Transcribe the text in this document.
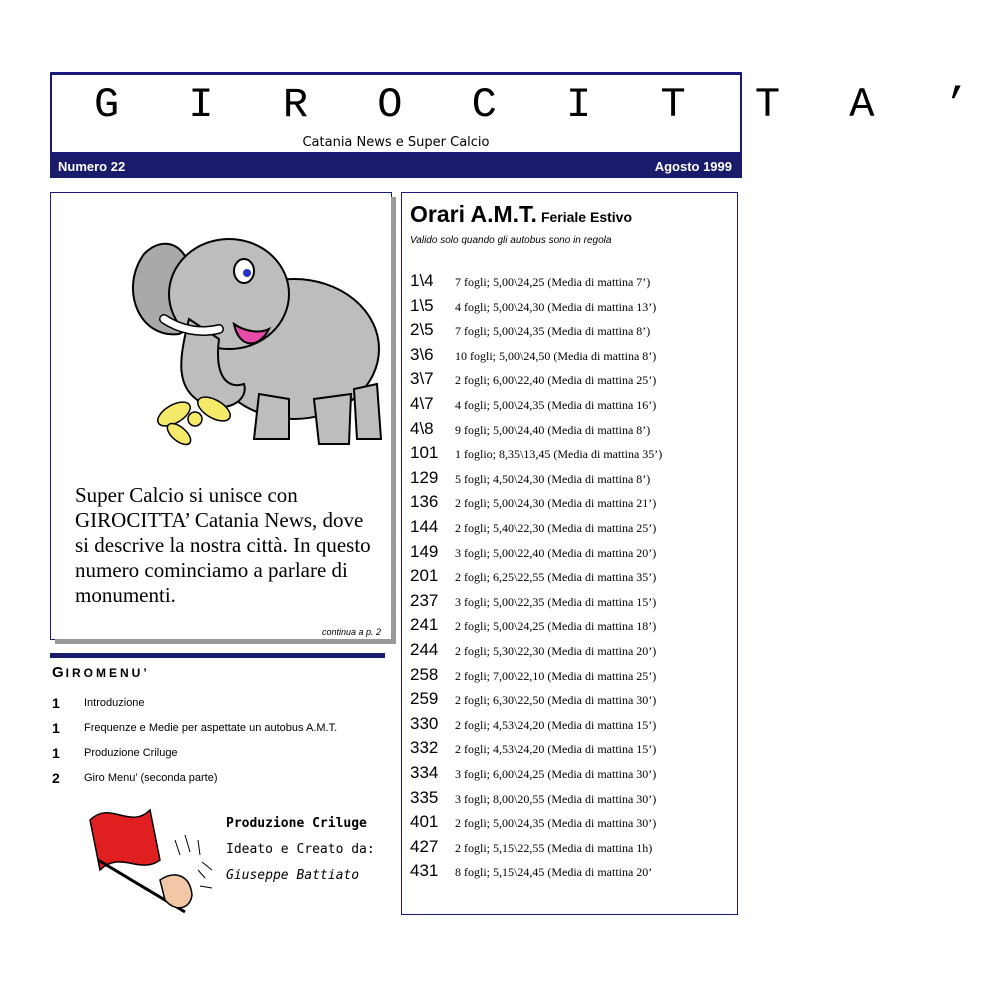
G I R O C I T T A ’
Catania News e Super Calcio
Numero 22	Agosto 1999
Super Calcio si unisce con GIROCITTA’ Catania News, dove si descrive la nostra città. In questo numero cominciamo a parlare di monumenti.
continua a p. 2
GIROMENU’
1 Introduzione
1 Frequenze e Medie per aspettate un autobus A.M.T.
1 Produzione Criluge
2 Giro Menu’ (seconda parte)
Produzione Criluge
Ideato e Creato da:
Giuseppe Battiato
Orari A.M.T. Feriale Estivo
Valido solo quando gli autobus sono in regola
1\4 7 fogli; 5,00\24,25 (Media di mattina 7’)
1\5 4 fogli; 5,00\24,30 (Media di mattina 13’)
2\5 7 fogli; 5,00\24,35 (Media di mattina 8’)
3\6 10 fogli; 5,00\24,50 (Media di mattina 8’)
3\7 2 fogli; 6,00\22,40 (Media di mattina 25’)
4\7 4 fogli; 5,00\24,35 (Media di mattina 16’)
4\8 9 fogli; 5,00\24,40 (Media di mattina 8’)
101 1 foglio; 8,35\13,45 (Media di mattina 35’)
129 5 fogli; 4,50\24,30 (Media di mattina 8’)
136 2 fogli; 5,00\24,30 (Media di mattina 21’)
144 2 fogli; 5,40\22,30 (Media di mattina 25’)
149 3 fogli; 5,00\22,40 (Media di mattina 20’)
201 2 fogli; 6,25\22,55 (Media di mattina 35’)
237 3 fogli; 5,00\22,35 (Media di mattina 15’)
241 2 fogli; 5,00\24,25 (Media di mattina 18’)
244 2 fogli; 5,30\22,30 (Media di mattina 20’)
258 2 fogli; 7,00\22,10 (Media di mattina 25’)
259 2 fogli; 6,30\22,50 (Media di mattina 30’)
330 2 fogli; 4,53\24,20 (Media di mattina 15’)
332 2 fogli; 4,53\24,20 (Media di mattina 15’)
334 3 fogli; 6,00\24,25 (Media di mattina 30’)
335 3 fogli; 8,00\20,55 (Media di mattina 30’)
401 2 fogli; 5,00\24,35 (Media di mattina 30’)
427 2 fogli; 5,15\22,55 (Media di mattina 1h)
431 8 fogli; 5,15\24,45 (Media di mattina 20’
